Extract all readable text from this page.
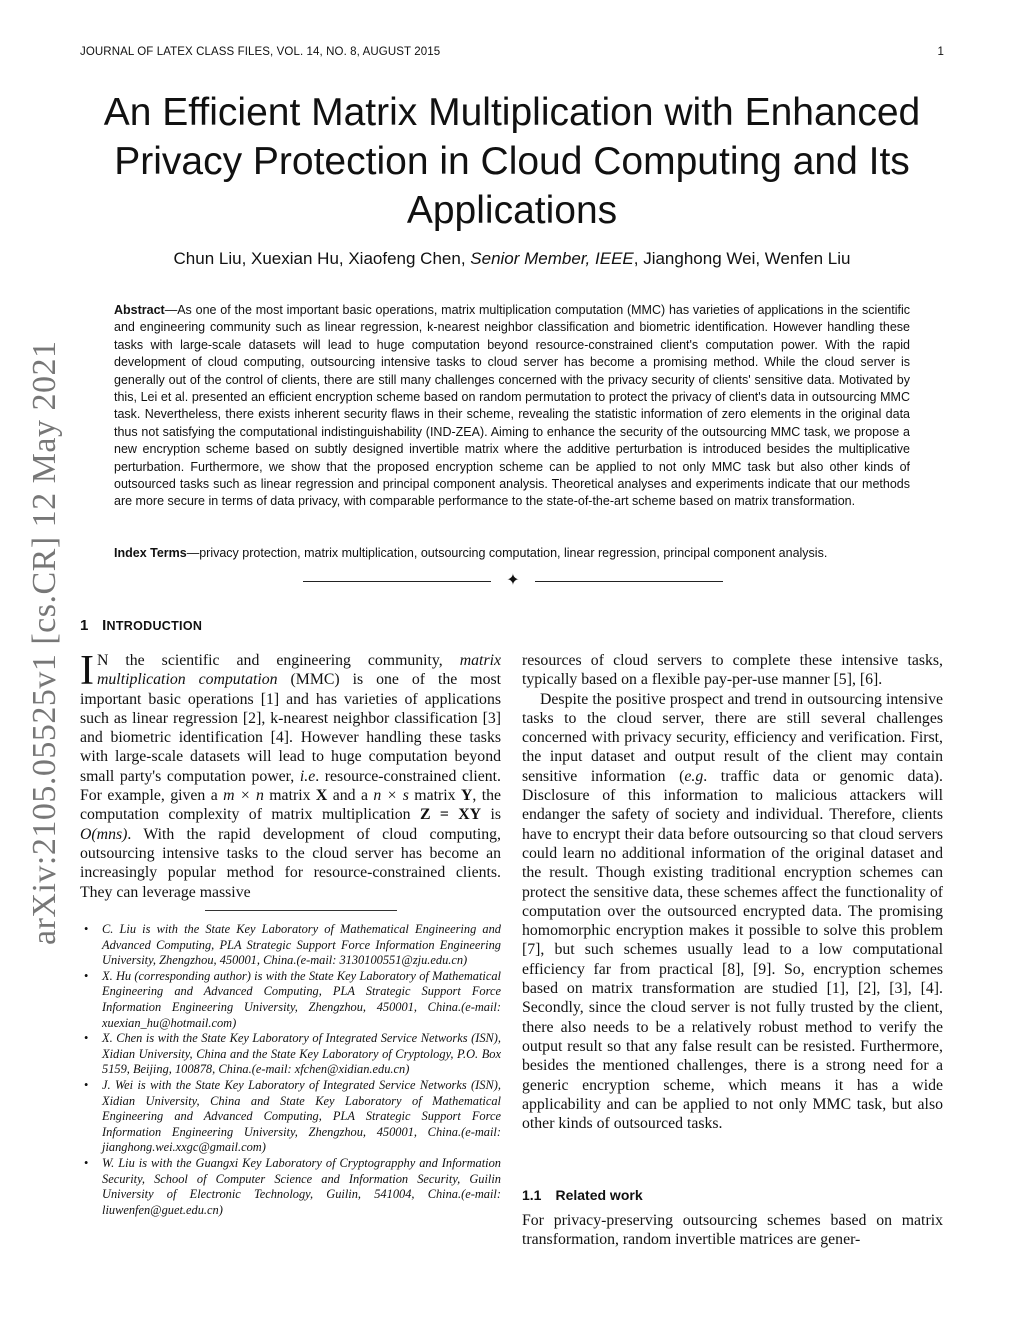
JOURNAL OF LATEX CLASS FILES, VOL. 14, NO. 8, AUGUST 2015	1
arXiv:2105.05525v1 [cs.CR] 12 May 2021
An Efficient Matrix Multiplication with Enhanced Privacy Protection in Cloud Computing and Its Applications
Chun Liu, Xuexian Hu, Xiaofeng Chen, Senior Member, IEEE, Jianghong Wei, Wenfen Liu
Abstract—As one of the most important basic operations, matrix multiplication computation (MMC) has varieties of applications in the scientific and engineering community such as linear regression, k-nearest neighbor classification and biometric identification. However handling these tasks with large-scale datasets will lead to huge computation beyond resource-constrained client's computation power. With the rapid development of cloud computing, outsourcing intensive tasks to cloud server has become a promising method. While the cloud server is generally out of the control of clients, there are still many challenges concerned with the privacy security of clients' sensitive data. Motivated by this, Lei et al. presented an efficient encryption scheme based on random permutation to protect the privacy of client's data in outsourcing MMC task. Nevertheless, there exists inherent security flaws in their scheme, revealing the statistic information of zero elements in the original data thus not satisfying the computational indistinguishability (IND-ZEA). Aiming to enhance the security of the outsourcing MMC task, we propose a new encryption scheme based on subtly designed invertible matrix where the additive perturbation is introduced besides the multiplicative perturbation. Furthermore, we show that the proposed encryption scheme can be applied to not only MMC task but also other kinds of outsourced tasks such as linear regression and principal component analysis. Theoretical analyses and experiments indicate that our methods are more secure in terms of data privacy, with comparable performance to the state-of-the-art scheme based on matrix transformation.
Index Terms—privacy protection, matrix multiplication, outsourcing computation, linear regression, principal component analysis.
✦
1 INTRODUCTION

I N the scientific and engineering community, matrix multiplication computation (MMC) is one of the most important basic operations [1] and has varieties of applications such as linear regression [2], k-nearest neighbor classification [3] and biometric identification [4]. However handling these tasks with large-scale datasets will lead to huge computation beyond small party's computation power, i.e. resource-constrained client. For example, given a m × n matrix X and a n × s matrix Y, the computation complexity of matrix multiplication Z = XY is O(mns). With the rapid development of cloud computing, outsourcing intensive tasks to the cloud server has become an increasingly popular method for resource-constrained clients. They can leverage massive

• C. Liu is with the State Key Laboratory of Mathematical Engineering and Advanced Computing, PLA Strategic Support Force Information Engineering University, Zhengzhou, 450001, China.(e-mail: 3130100551@zju.edu.cn)

• X. Hu (corresponding author) is with the State Key Laboratory of Mathematical Engineering and Advanced Computing, PLA Strategic Support Force Information Engineering University, Zhengzhou, 450001, China.(e-mail: xuexian_hu@hotmail.com)

• X. Chen is with the State Key Laboratory of Integrated Service Networks (ISN), Xidian University, China and the State Key Laboratory of Cryptology, P.O. Box 5159, Beijing, 100878, China.(e-mail: xfchen@xidian.edu.cn)

• J. Wei is with the State Key Laboratory of Integrated Service Networks (ISN), Xidian University, China and State Key Laboratory of Mathematical Engineering and Advanced Computing, PLA Strategic Support Force Information Engineering University, Zhengzhou, 450001, China.(e-mail: jianghong.wei.xxgc@gmail.com)

• W. Liu is with the Guangxi Key Laboratory of Cryptograpphy and Information Security, School of Computer Science and Information Security, Guilin University of Electronic Technology, Guilin, 541004, China.(e-mail: liuwenfen@guet.edu.cn)

resources of cloud servers to complete these intensive tasks, typically based on a flexible pay-per-use manner [5], [6].

Despite the positive prospect and trend in outsourcing intensive tasks to the cloud server, there are still several challenges concerned with privacy security, efficiency and verification. First, the input dataset and output result of the client may contain sensitive information (e.g. traffic data or genomic data). Disclosure of this information to malicious attackers will endanger the safety of society and individual. Therefore, clients have to encrypt their data before outsourcing so that cloud servers could learn no additional information of the original dataset and the result. Though existing traditional encryption schemes can protect the sensitive data, these schemes affect the functionality of computation over the outsourced encrypted data. The promising homomorphic encryption makes it possible to solve this problem [7], but such schemes usually lead to a low computational efficiency far from practical [8], [9]. So, encryption schemes based on matrix transformation are studied [1], [2], [3], [4]. Secondly, since the cloud server is not fully trusted by the client, there also needs to be a relatively robust method to verify the output result so that any false result can be resisted. Furthermore, besides the mentioned challenges, there is a strong need for a generic encryption scheme, which means it has a wide applicability and can be applied to not only MMC task, but also other kinds of outsourced tasks.

1.1 Related work
For privacy-preserving outsourcing schemes based on matrix transformation, random invertible matrices are gener-
